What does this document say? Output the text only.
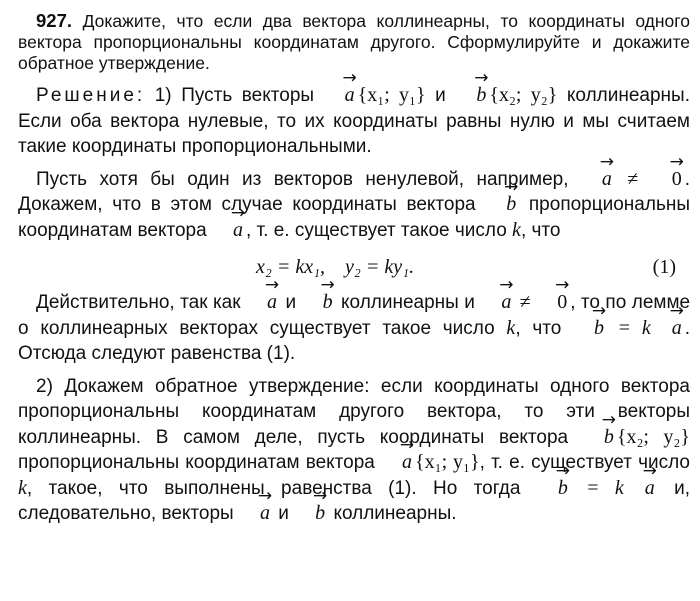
927. Докажите, что если два вектора коллинеарны, то координаты одного вектора пропорциональны координатам другого. Сформулируйте и докажите обратное утверждение.

Решение: 1) Пусть векторы a → {x₁; y₁} и b → {x₂; y₂} коллинеарны. Если оба вектора нулевые, то их координаты равны нулю и мы считаем такие координаты пропорциональными.

Пусть хотя бы один из векторов ненулевой, например, a → ≠ 0 → . Докажем, что в этом случае координаты вектора b → пропорциональны координатам вектора a → , т. е. существует такое число k, что

x₂ = kx₁, y₂ = ky₁.	(1)

Действительно, так как a → и b → коллинеарны и a → ≠ 0 → , то по лемме о коллинеарных векторах существует такое число k, что b → = k a → . Отсюда следуют равенства (1).

2) Докажем обратное утверждение: если координаты одного вектора пропорциональны координатам другого вектора, то эти векторы коллинеарны. В самом деле, пусть координаты вектора b → {x₂; y₂} пропорциональны координатам вектора a → {x₁; y₁}, т. е. существует число k, такое, что выполнены равенства (1). Но тогда b → = k a → и, следовательно, векторы a → и b → коллинеарны.
